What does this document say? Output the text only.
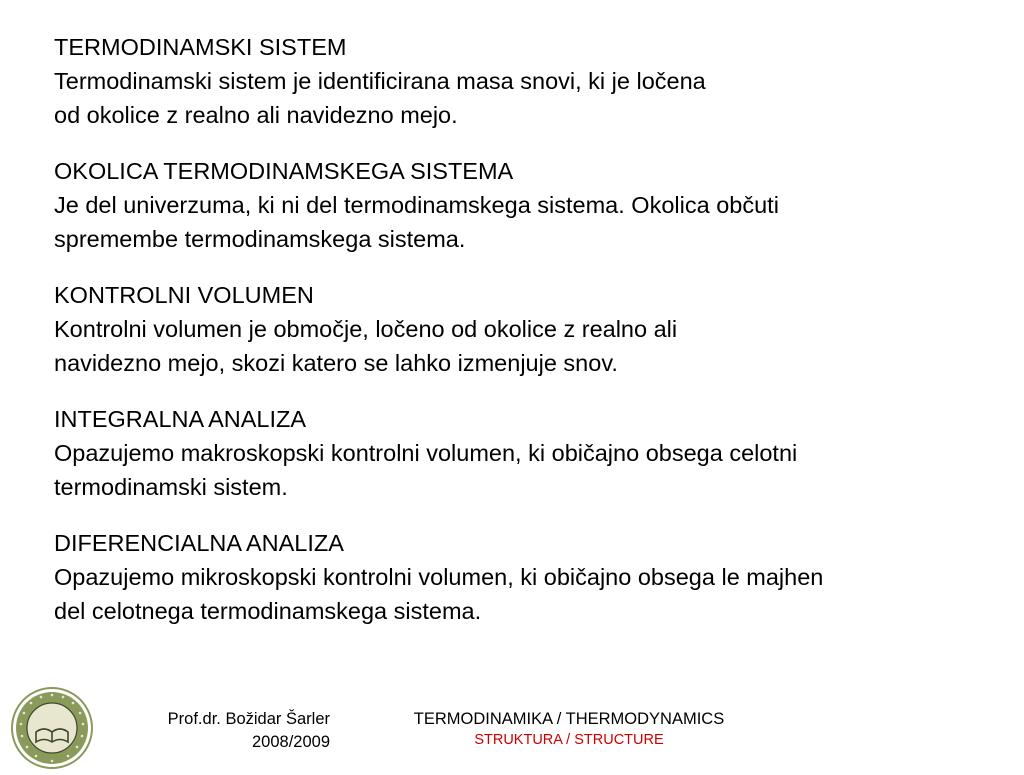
TERMODINAMSKI SISTEM
Termodinamski sistem je identificirana masa snovi, ki je ločena
od okolice z realno ali navidezno mejo.
OKOLICA TERMODINAMSKEGA SISTEMA
Je del univerzuma, ki ni del termodinamskega sistema. Okolica občuti
spremembe termodinamskega sistema.
KONTROLNI VOLUMEN
Kontrolni volumen je območje, ločeno od okolice z realno ali
navidezno mejo, skozi katero se lahko izmenjuje snov.
INTEGRALNA ANALIZA
Opazujemo makroskopski kontrolni volumen, ki običajno obsega celotni
termodinamski sistem.
DIFERENCIALNA ANALIZA
Opazujemo mikroskopski kontrolni volumen, ki običajno obsega le majhen
del celotnega termodinamskega sistema.
Prof.dr. Božidar Šarler
2008/2009
TERMODINAMIKA / THERMODYNAMICS
STRUKTURA / STRUCTURE
